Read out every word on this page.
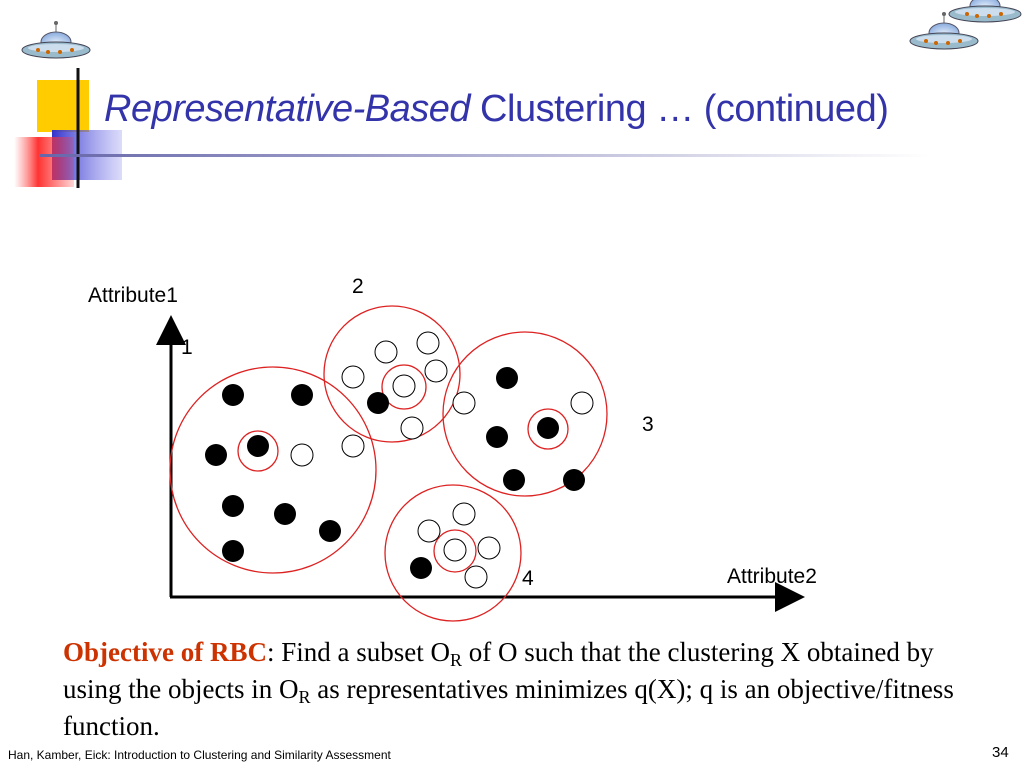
Representative-Based Clustering … (continued)
Attribute1
Attribute2
1
2
3
4
Objective of RBC: Find a subset $O_R$ of O such that the clustering X obtained by using the objects in $O_R$ as representatives minimizes q(X); q is an objective/fitness function.
Han, Kamber, Eick: Introduction to Clustering and Similarity Assessment	34
